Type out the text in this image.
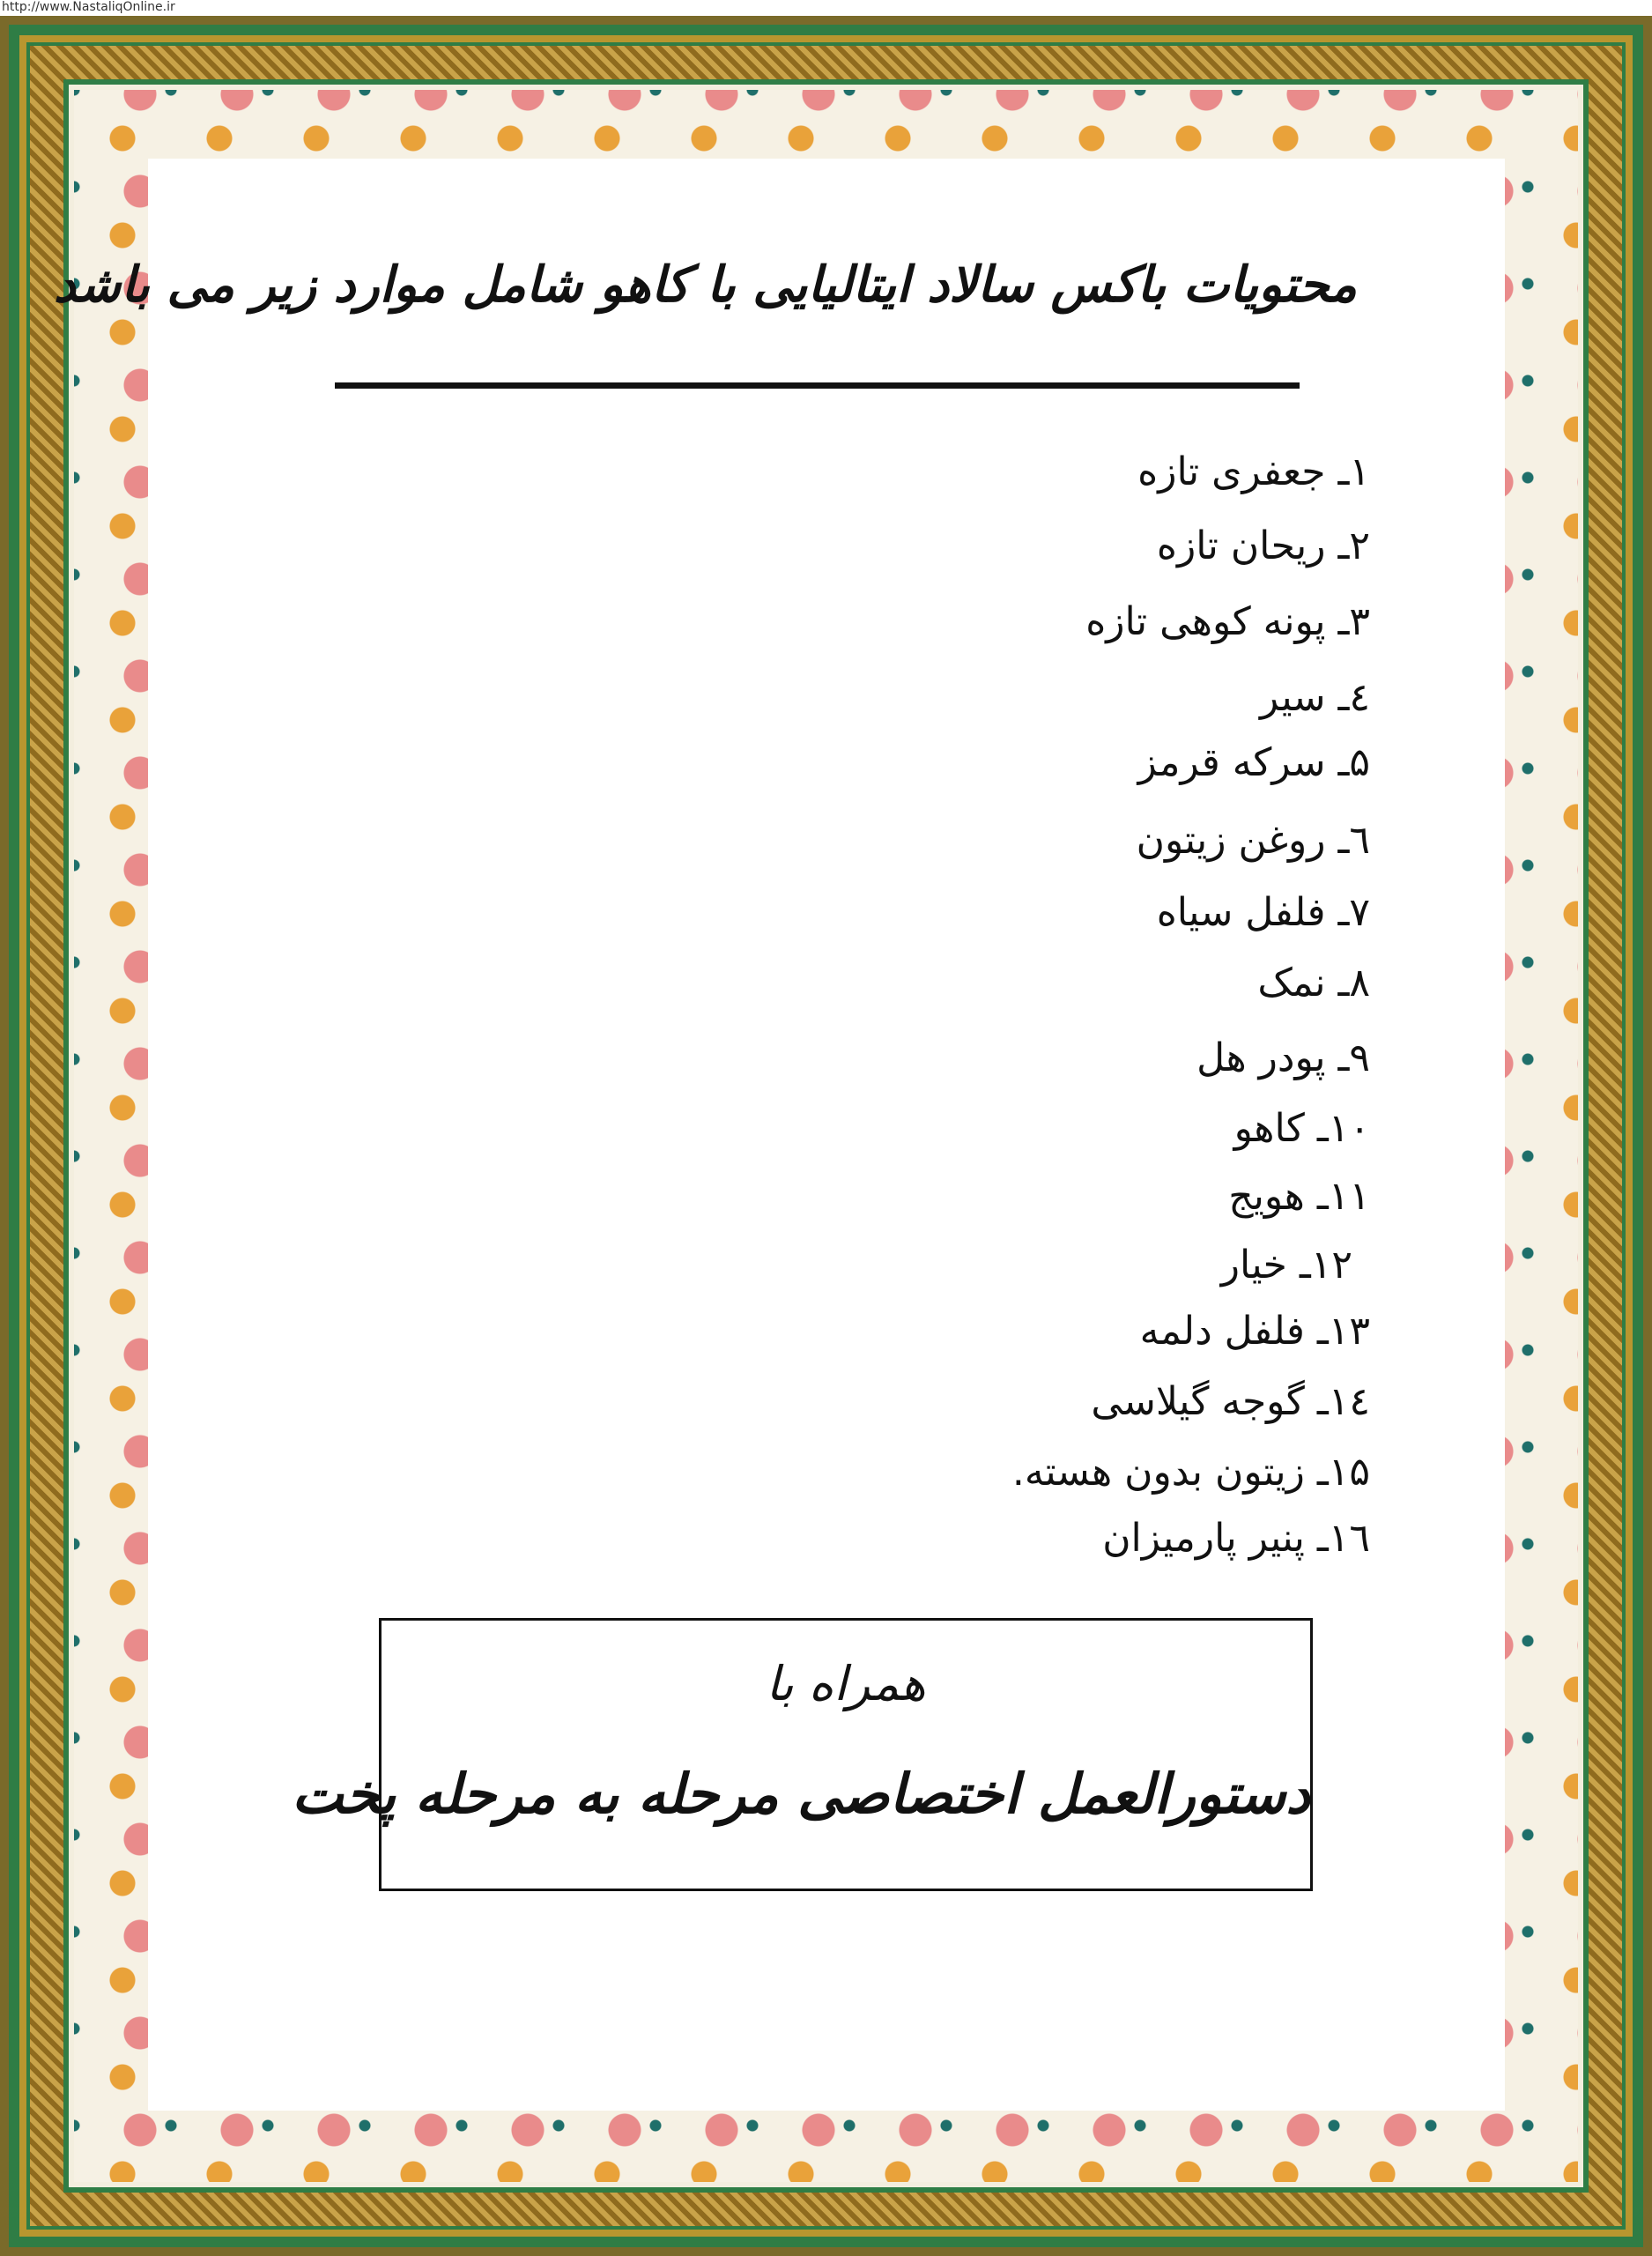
http://www.NastaliqOnline.ir
محتویات باکس سالاد ایتالیایی با کاهو شامل موارد زیر می باشد
۱ـ جعفری تازه
۲ـ ریحان تازه
۳ـ پونه کوهی تازه
٤ـ سیر
۵ـ سرکه قرمز
٦ـ روغن زیتون
۷ـ فلفل سیاه
۸ـ نمک
۹ـ پودر هل
۱۰ـ کاهو
۱۱ـ هویج
۱۲ـ خیار
۱۳ـ فلفل دلمه
۱٤ـ گوجه گیلاسی
۱۵ـ زیتون بدون هسته.
۱٦ـ پنیر پارمیزان
همراه با
دستورالعمل اختصاصی مرحله به مرحله پخت
